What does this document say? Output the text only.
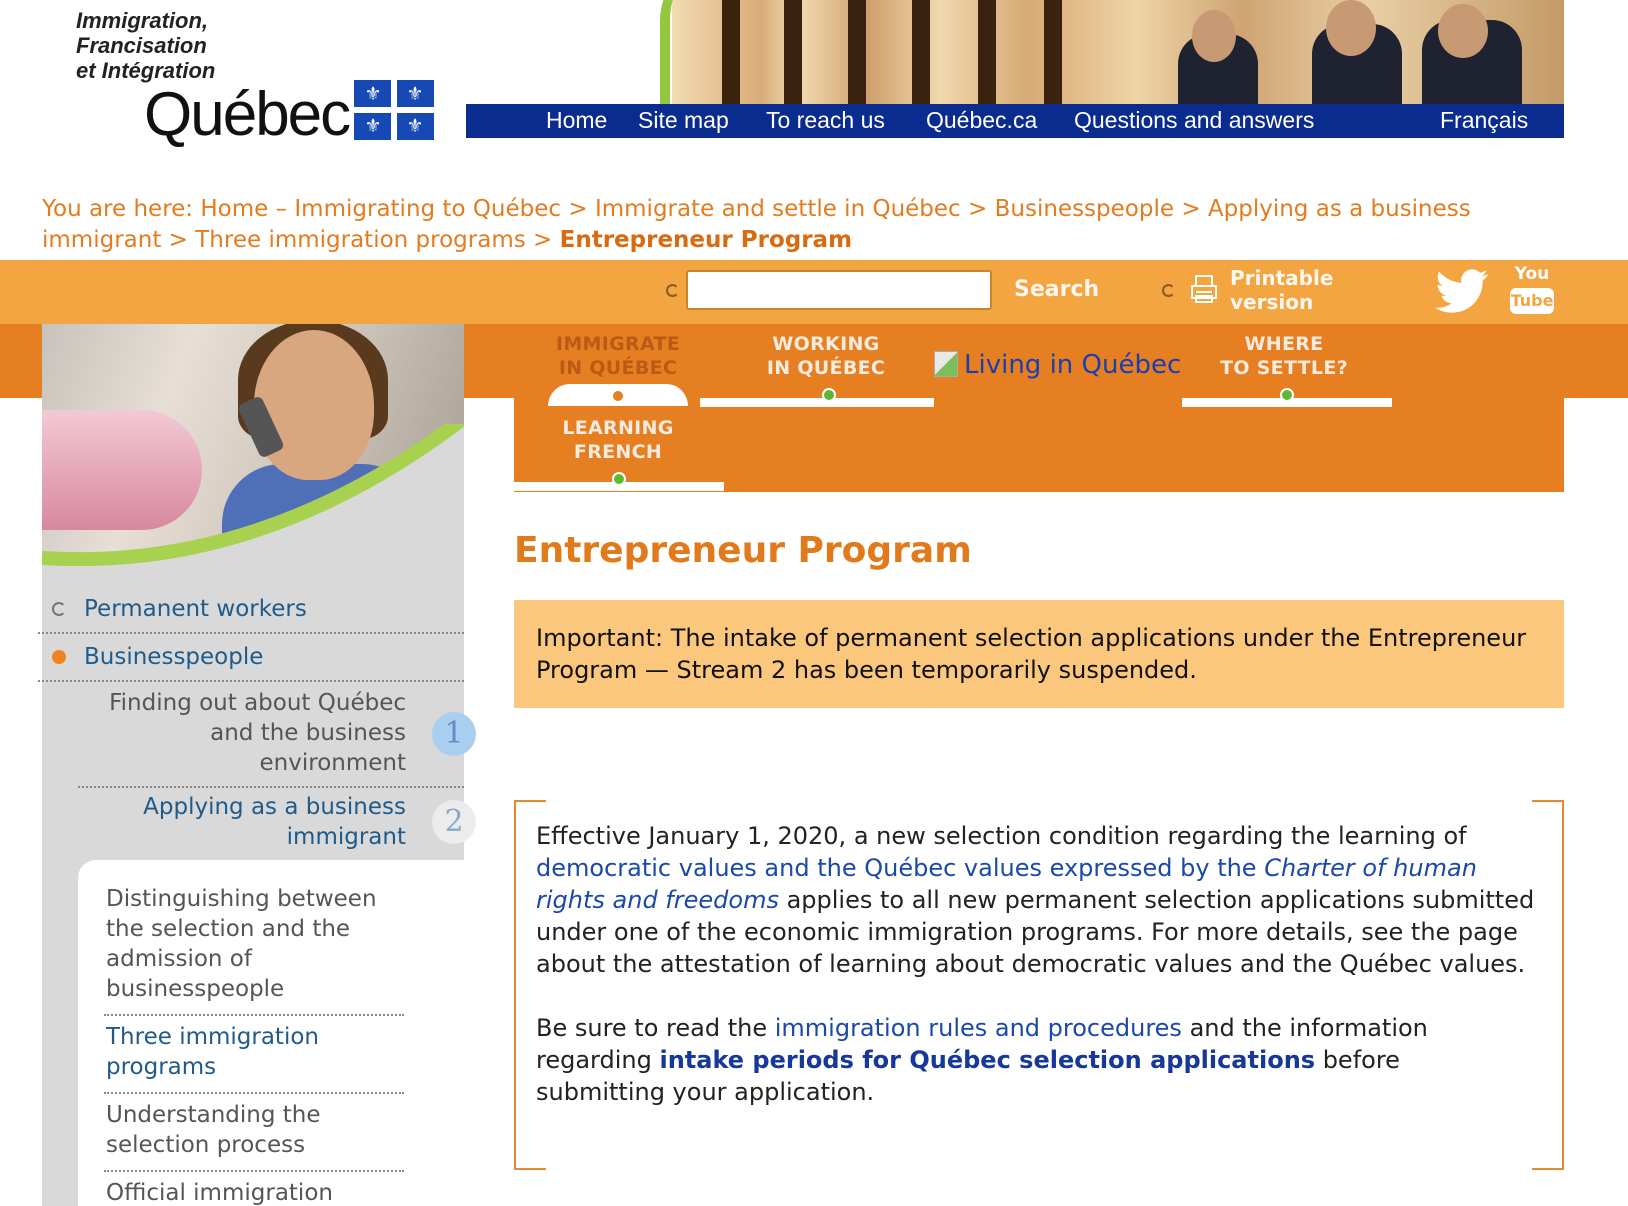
Immigration,
Francisation
et Intégration
Québec ⚜	⚜
⚜	⚜	Home Site map To reach us Québec.ca Questions and answers	Français
You are here: Home – Immigrating to Québec > Immigrate and settle in Québec > Businesspeople > Applying as a business immigrant > Three immigration programs > Entrepreneur Program
Search	Printable
version
You
Tube
IMMIGRATE
IN QUÉBEC
WORKING
IN QUÉBEC	Living in Québec
WHERE
TO SETTLE?
LEARNING
FRENCH
Permanent workers
Businesspeople
Finding out about Québec
and the business
environment
1
Applying as a business
immigrant	2
Distinguishing between
the selection and the
admission of
businesspeople
Three immigration
programs
Understanding the
selection process
Official immigration
Entrepreneur Program
Important: The intake of permanent selection applications under the Entrepreneur Program — Stream 2 has been temporarily suspended.

Effective January 1, 2020, a new selection condition regarding the learning of democratic values and the Québec values expressed by the Charter of human rights and freedoms applies to all new permanent selection applications submitted under one of the economic immigration programs. For more details, see the page about the attestation of learning about democratic values and the Québec values.

Be sure to read the immigration rules and procedures and the information regarding intake periods for Québec selection applications before submitting your application.
